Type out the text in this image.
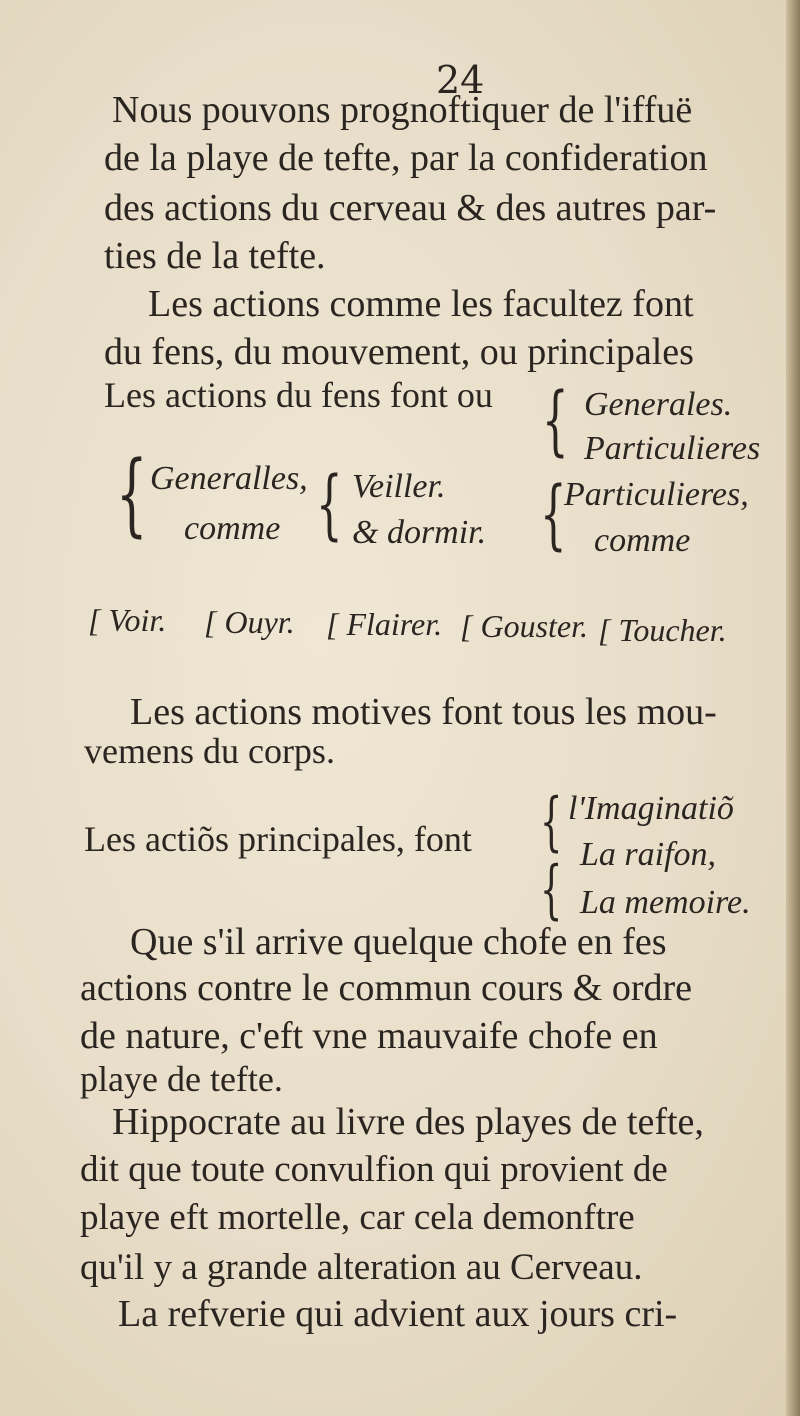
24
Nous pouvons prognoftiquer de l'iffuë
de la playe de tefte, par la confideration
des actions du cerveau & des autres par-
ties de la tefte.
Les actions comme les facultez font
du fens, du mouvement, ou principales
Les actions du fens font ou { Generales.
Particulieres
{ Generalles,
comme { Veiller.
& dormir. {
Particulieres,
comme
[ Voir. [ Ouyr. [ Flairer. [ Gouster. [ Toucher.
Les actions motives font tous les mou-
vemens du corps.
Les actiõs principales, font { l'Imaginatiõ
La raifon,
{ La memoire.
Que s'il arrive quelque chofe en fes
actions contre le commun cours & ordre
de nature, c'eft vne mauvaife chofe en
playe de tefte.
Hippocrate au livre des playes de tefte,
dit que toute convulfion qui provient de
playe eft mortelle, car cela demonftre
qu'il y a grande alteration au Cerveau.
La refverie qui advient aux jours cri-
